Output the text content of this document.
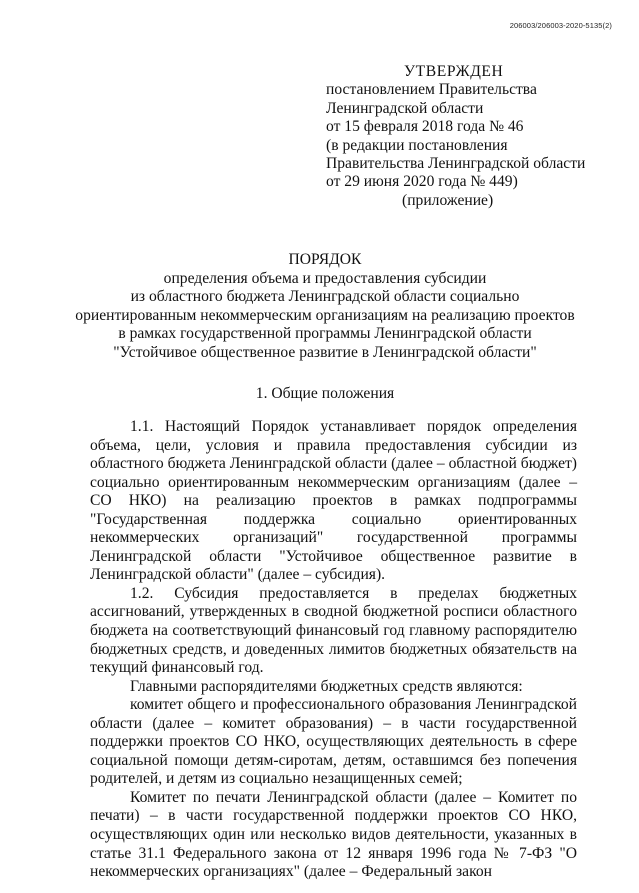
206003/206003-2020-5135(2)
УТВЕРЖДЕН
постановлением Правительства
Ленинградской области
от 15 февраля 2018 года № 46
(в редакции постановления
Правительства Ленинградской области
от 29 июня 2020 года № 449)
(приложение)
ПОРЯДОК
определения объема и предоставления субсидии
из областного бюджета Ленинградской области социально
ориентированным некоммерческим организациям на реализацию проектов
в рамках государственной программы Ленинградской области
"Устойчивое общественное развитие в Ленинградской области"
1. Общие положения

1.1. Настоящий Порядок устанавливает порядок определения объема, цели, условия и правила предоставления субсидии из областного бюджета Ленинградской области (далее – областной бюджет) социально ориентированным некоммерческим организациям (далее – СО НКО) на реализацию проектов в рамках подпрограммы "Государственная поддержка социально ориентированных некоммерческих организаций" государственной программы Ленинградской области "Устойчивое общественное развитие в Ленинградской области" (далее – субсидия).

1.2. Субсидия предоставляется в пределах бюджетных ассигнований, утвержденных в сводной бюджетной росписи областного бюджета на соответствующий финансовый год главному распорядителю бюджетных средств, и доведенных лимитов бюджетных обязательств на текущий финансовый год.

Главными распорядителями бюджетных средств являются:

комитет общего и профессионального образования Ленинградской области (далее – комитет образования) – в части государственной поддержки проектов СО НКО, осуществляющих деятельность в сфере социальной помощи детям-сиротам, детям, оставшимся без попечения родителей, и детям из социально незащищенных семей;

Комитет по печати Ленинградской области (далее – Комитет по печати) – в части государственной поддержки проектов СО НКО, осуществляющих один или несколько видов деятельности, указанных в статье 31.1 Федерального закона от 12 января 1996 года № 7-ФЗ "О некоммерческих организациях" (далее – Федеральный закон
